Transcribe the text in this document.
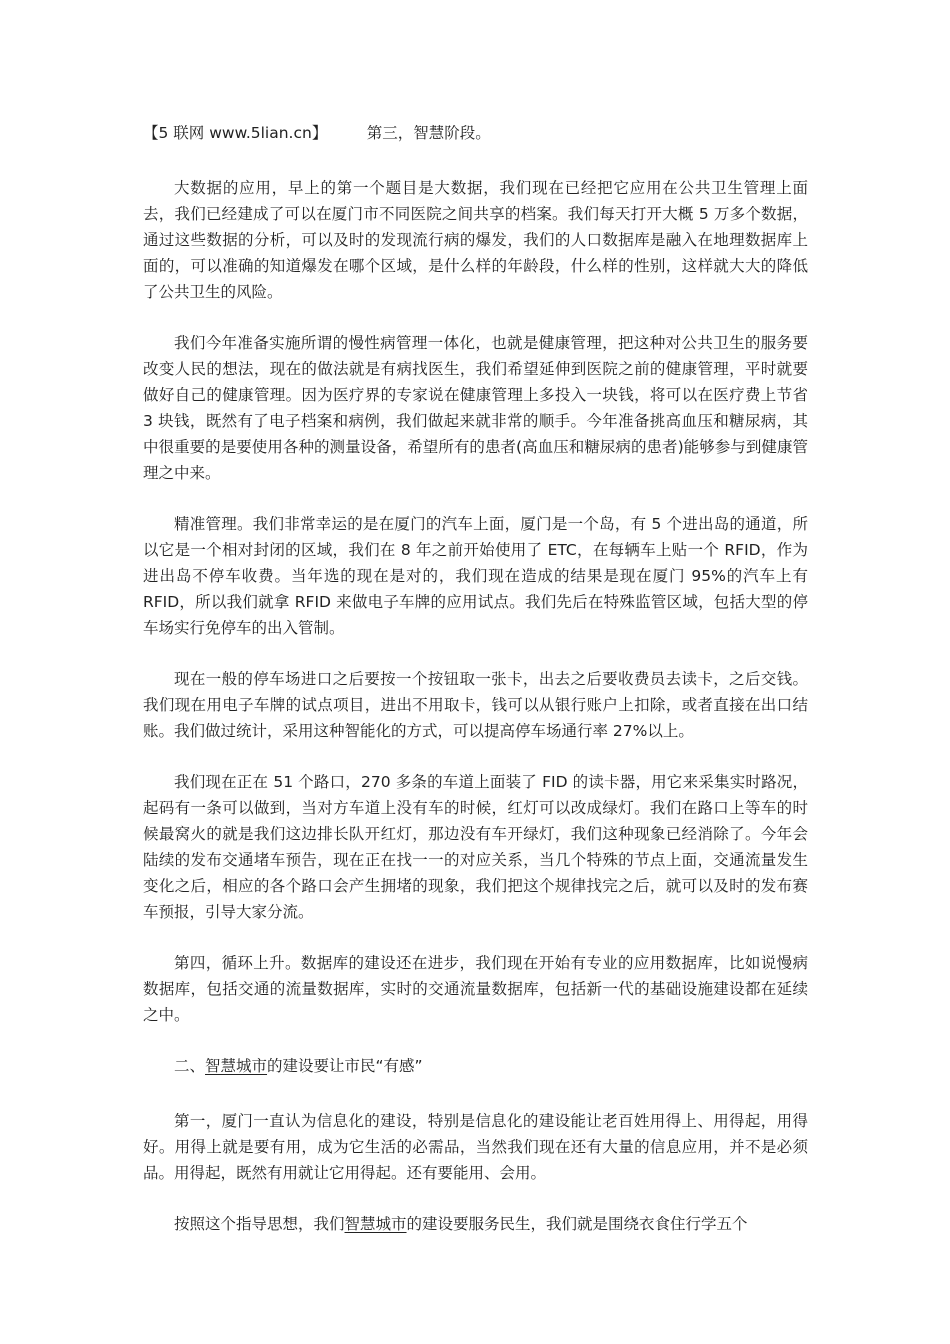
【5 联网 www.5lian.cn】	第三，智慧阶段。

大数据的应用，早上的第一个题目是大数据，我们现在已经把它应用在公共卫生管理上面去，我们已经建成了可以在厦门市不同医院之间共享的档案。我们每天打开大概 5 万多个数据，通过这些数据的分析，可以及时的发现流行病的爆发，我们的人口数据库是融入在地理数据库上面的，可以准确的知道爆发在哪个区域，是什么样的年龄段，什么样的性别，这样就大大的降低了公共卫生的风险。

我们今年准备实施所谓的慢性病管理一体化，也就是健康管理，把这种对公共卫生的服务要改变人民的想法，现在的做法就是有病找医生，我们希望延伸到医院之前的健康管理，平时就要做好自己的健康管理。因为医疗界的专家说在健康管理上多投入一块钱，将可以在医疗费上节省 3 块钱，既然有了电子档案和病例，我们做起来就非常的顺手。今年准备挑高血压和糖尿病，其中很重要的是要使用各种的测量设备，希望所有的患者(高血压和糖尿病的患者)能够参与到健康管理之中来。

精准管理。我们非常幸运的是在厦门的汽车上面，厦门是一个岛，有 5 个进出岛的通道，所以它是一个相对封闭的区域，我们在 8 年之前开始使用了 ETC，在每辆车上贴一个 RFID，作为进出岛不停车收费。当年选的现在是对的，我们现在造成的结果是现在厦门 95%的汽车上有 RFID，所以我们就拿 RFID 来做电子车牌的应用试点。我们先后在特殊监管区域，包括大型的停车场实行免停车的出入管制。

现在一般的停车场进口之后要按一个按钮取一张卡，出去之后要收费员去读卡，之后交钱。我们现在用电子车牌的试点项目，进出不用取卡，钱可以从银行账户上扣除，或者直接在出口结账。我们做过统计，采用这种智能化的方式，可以提高停车场通行率 27%以上。

我们现在正在 51 个路口，270 多条的车道上面装了 FID 的读卡器，用它来采集实时路况，起码有一条可以做到，当对方车道上没有车的时候，红灯可以改成绿灯。我们在路口上等车的时候最窝火的就是我们这边排长队开红灯，那边没有车开绿灯，我们这种现象已经消除了。今年会陆续的发布交通堵车预告，现在正在找一一的对应关系，当几个特殊的节点上面，交通流量发生变化之后，相应的各个路口会产生拥堵的现象，我们把这个规律找完之后，就可以及时的发布赛车预报，引导大家分流。

第四，循环上升。数据库的建设还在进步，我们现在开始有专业的应用数据库，比如说慢病数据库，包括交通的流量数据库，实时的交通流量数据库，包括新一代的基础设施建设都在延续之中。

二、智慧城市的建设要让市民“有感”

第一，厦门一直认为信息化的建设，特别是信息化的建设能让老百姓用得上、用得起，用得好。用得上就是要有用，成为它生活的必需品，当然我们现在还有大量的信息应用，并不是必须品。用得起，既然有用就让它用得起。还有要能用、会用。

按照这个指导思想，我们智慧城市的建设要服务民生，我们就是围绕衣食住行学五个
